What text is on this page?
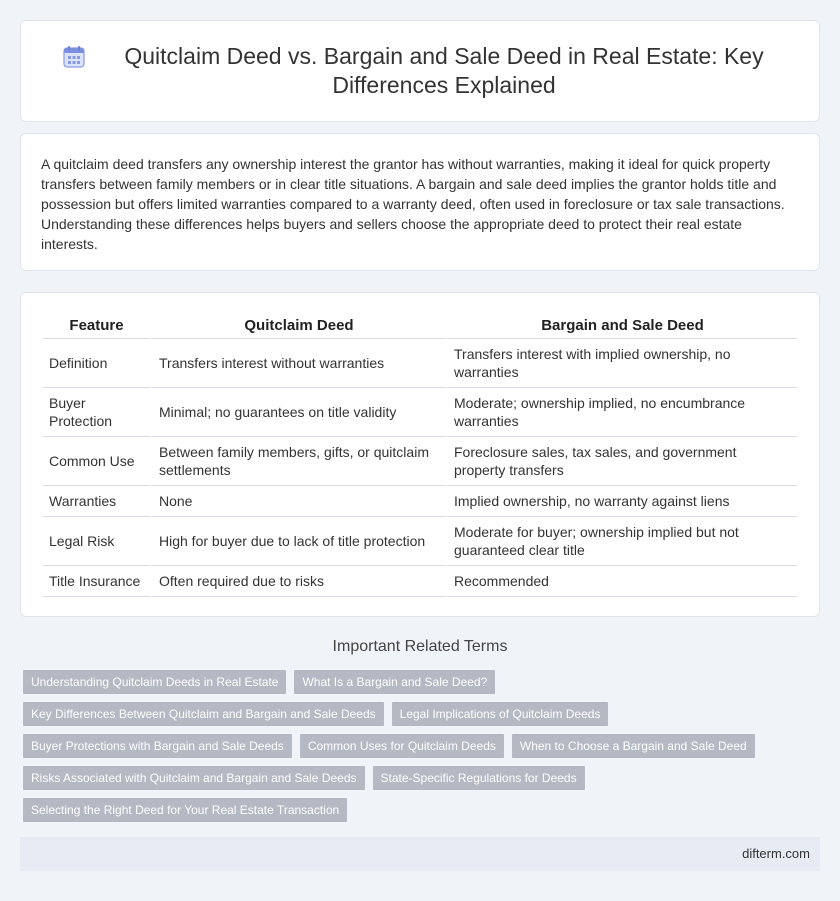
Quitclaim Deed vs. Bargain and Sale Deed in Real Estate: Key Differences Explained

A quitclaim deed transfers any ownership interest the grantor has without warranties, making it ideal for quick property transfers between family members or in clear title situations. A bargain and sale deed implies the grantor holds title and possession but offers limited warranties compared to a warranty deed, often used in foreclosure or tax sale transactions. Understanding these differences helps buyers and sellers choose the appropriate deed to protect their real estate interests.

Feature	Quitclaim Deed	Bargain and Sale Deed
Definition	Transfers interest without warranties	Transfers interest with implied ownership, no warranties
Buyer Protection	Minimal; no guarantees on title validity	Moderate; ownership implied, no encumbrance warranties
Common Use	Between family members, gifts, or quitclaim settlements	Foreclosure sales, tax sales, and government property transfers
Warranties	None	Implied ownership, no warranty against liens
Legal Risk	High for buyer due to lack of title protection	Moderate for buyer; ownership implied but not guaranteed clear title
Title Insurance	Often required due to risks	Recommended
Important Related Terms
Understanding Quitclaim Deeds in Real Estate	What Is a Bargain and Sale Deed?
Key Differences Between Quitclaim and Bargain and Sale Deeds	Legal Implications of Quitclaim Deeds
Buyer Protections with Bargain and Sale Deeds	Common Uses for Quitclaim Deeds	When to Choose a Bargain and Sale Deed
Risks Associated with Quitclaim and Bargain and Sale Deeds	State-Specific Regulations for Deeds
Selecting the Right Deed for Your Real Estate Transaction
difterm.com
